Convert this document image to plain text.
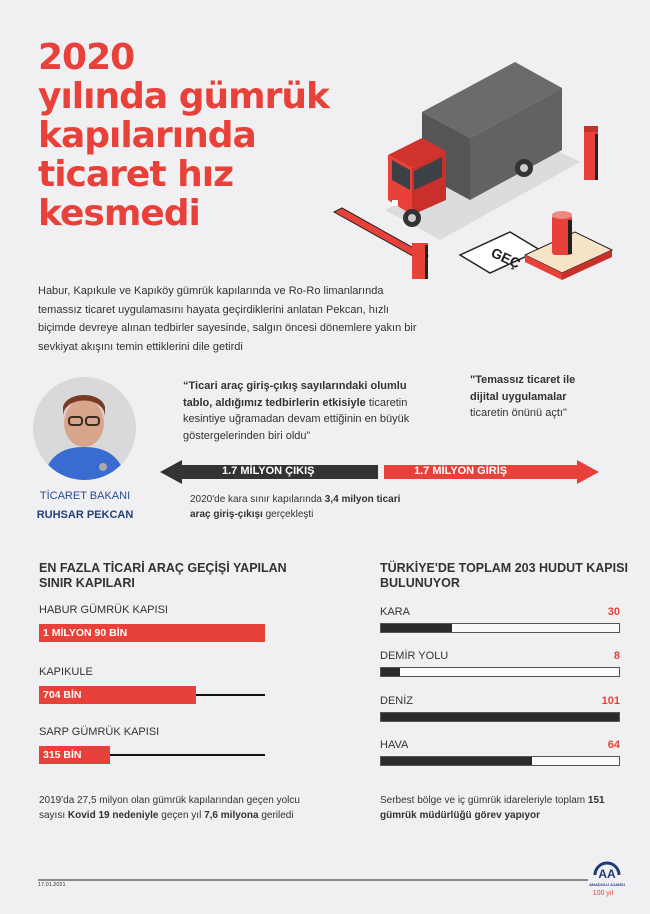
2020
yılında gümrük
kapılarında
ticaret hız
kesmedi
GEÇ
Habur, Kapıkule ve Kapıköy gümrük kapılarında ve Ro-Ro limanlarında temassız ticaret uygulamasını hayata geçirdiklerini anlatan Pekcan, hızlı biçimde devreye alınan tedbirler sayesinde, salgın öncesi dönemlere yakın bir sevkiyat akışını temin ettiklerini dile getirdi
TİCARET BAKANI
RUHSAR PEKCAN
“Ticari araç giriş-çıkış sayılarındaki olumlu tablo, aldığımız tedbirlerin etkisiyle ticaretin kesintiye uğramadan devam ettiğinin en büyük göstergelerinden biri oldu”
"Temassız ticaret ile dijital uygulamalar ticaretin önünü açtı"
1.7 MİLYON ÇIKIŞ	1.7 MİLYON GİRİŞ
2020'de kara sınır kapılarında 3,4 milyon ticari araç giriş-çıkışı gerçekleşti
EN FAZLA TİCARİ ARAÇ GEÇİŞİ YAPILAN SINIR KAPILARI
HABUR GÜMRÜK KAPISI
1 MİLYON 90 BİN
KAPIKULE
704 BİN
SARP GÜMRÜK KAPISI
315 BİN
2019'da 27,5 milyon olan gümrük kapılarından geçen yolcu sayısı Kovid 19 nedeniyle geçen yıl 7,6 milyona geriledi
TÜRKİYE'DE TOPLAM 203 HUDUT KAPISI BULUNUYOR
KARA	30
DEMİR YOLU	8
DENİZ	101
HAVA	64
Serbest bölge ve iç gümrük idareleriyle toplam 151 gümrük müdürlüğü görev yapıyor
17.01.2021
AA
ANADOLU AJANSI
100 yıl
